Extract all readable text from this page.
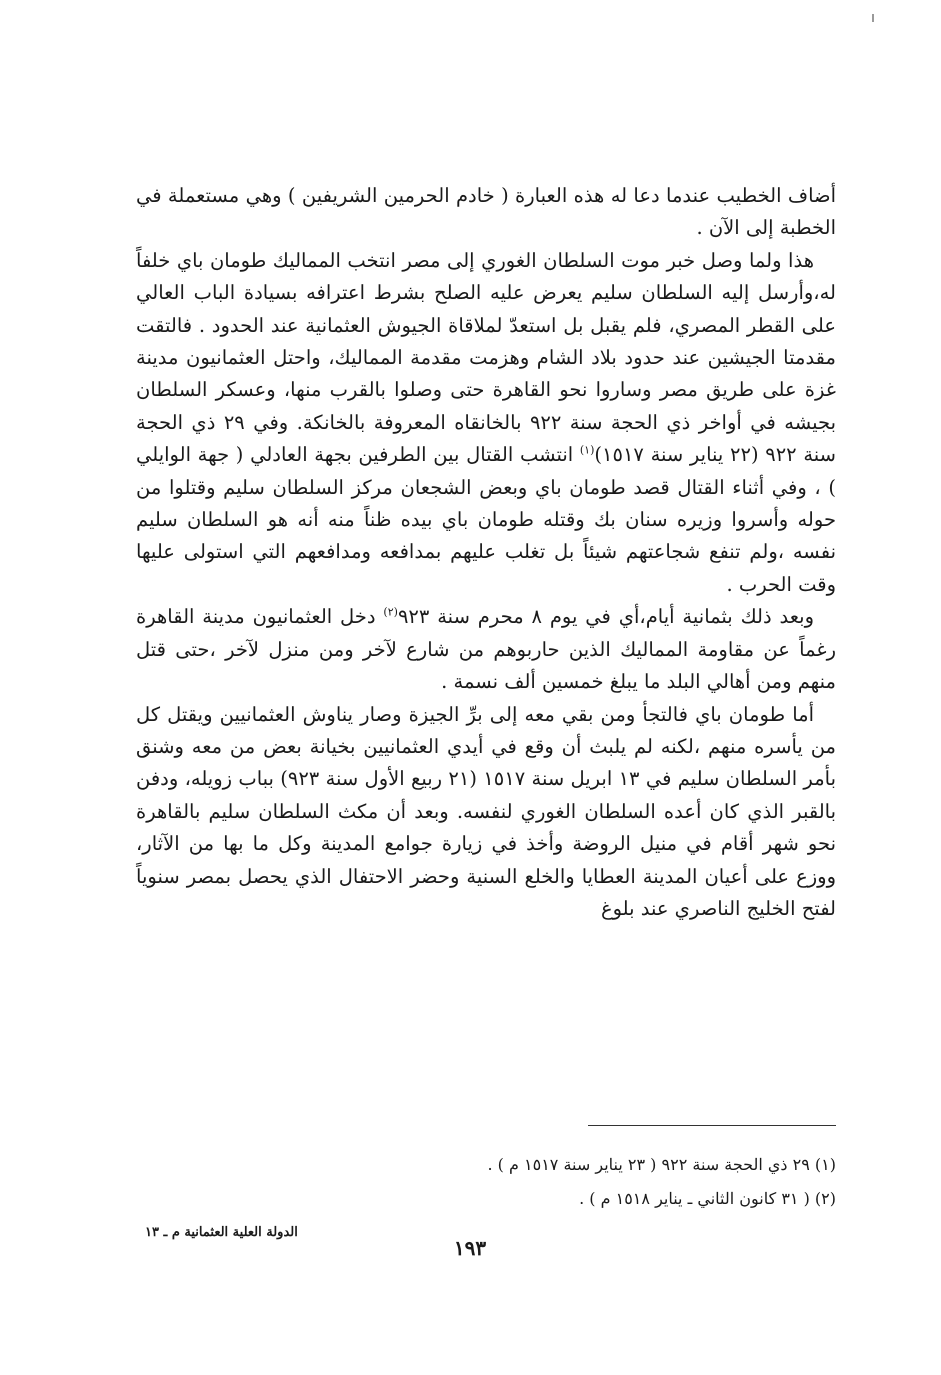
أضاف الخطيب عندما دعا له هذه العبارة ( خادم الحرمين الشريفين ) وهي مستعملة في الخطبة إلى الآن .

هذا ولما وصل خبر موت السلطان الغوري إلى مصر انتخب المماليك طومان باي خلفاً له،وأرسل إليه السلطان سليم يعرض عليه الصلح بشرط اعترافه بسيادة الباب العالي على القطر المصري، فلم يقبل بل استعدّ لملاقاة الجيوش العثمانية عند الحدود . فالتقت مقدمتا الجيشين عند حدود بلاد الشام وهزمت مقدمة المماليك، واحتل العثمانيون مدينة غزة على طريق مصر وساروا نحو القاهرة حتى وصلوا بالقرب منها، وعسكر السلطان بجيشه في أواخر ذي الحجة سنة ٩٢٢ بالخانقاه المعروفة بالخانكة. وفي ٢٩ ذي الحجة سنة ٩٢٢ (٢٢ يناير سنة ١٥١٧)$^{(١)}$ انتشب القتال بين الطرفين بجهة العادلي ( جهة الوايلي ) ، وفي أثناء القتال قصد طومان باي وبعض الشجعان مركز السلطان سليم وقتلوا من حوله وأسروا وزيره سنان بك وقتله طومان باي بيده ظناً منه أنه هو السلطان سليم نفسه ،ولم تنفع شجاعتهم شيئاً بل تغلب عليهم بمدافعه ومدافعهم التي استولى عليها وقت الحرب .

وبعد ذلك بثمانية أيام،أي في يوم ٨ محرم سنة ٩٢٣$^{(٢)}$ دخل العثمانيون مدينة القاهرة رغماً عن مقاومة المماليك الذين حاربوهم من شارع لآخر ومن منزل لآخر ،حتى قتل منهم ومن أهالي البلد ما يبلغ خمسين ألف نسمة .

أما طومان باي فالتجأ ومن بقي معه إلى برِّ الجيزة وصار يناوش العثمانيين ويقتل كل من يأسره منهم ،لكنه لم يلبث أن وقع في أيدي العثمانيين بخيانة بعض من معه وشنق بأمر السلطان سليم في ١٣ ابريل سنة ١٥١٧ (٢١ ربيع الأول سنة ٩٢٣) بباب زويله، ودفن بالقبر الذي كان أعده السلطان الغوري لنفسه. وبعد أن مكث السلطان سليم بالقاهرة نحو شهر أقام في منيل الروضة وأخذ في زيارة جوامع المدينة وكل ما بها من الآثار، ووزع على أعيان المدينة العطايا والخلع السنية وحضر الاحتفال الذي يحصل بمصر سنوياً لفتح الخليج الناصري عند بلوغ

(١) ٢٩ ذي الحجة سنة ٩٢٢ ( ٢٣ يناير سنة ١٥١٧ م ) .
(٢) ( ٣١ كانون الثاني ـ يناير ١٥١٨ م ) .
الدولة العلية العثمانية م ـ ١٣
١٩٣
